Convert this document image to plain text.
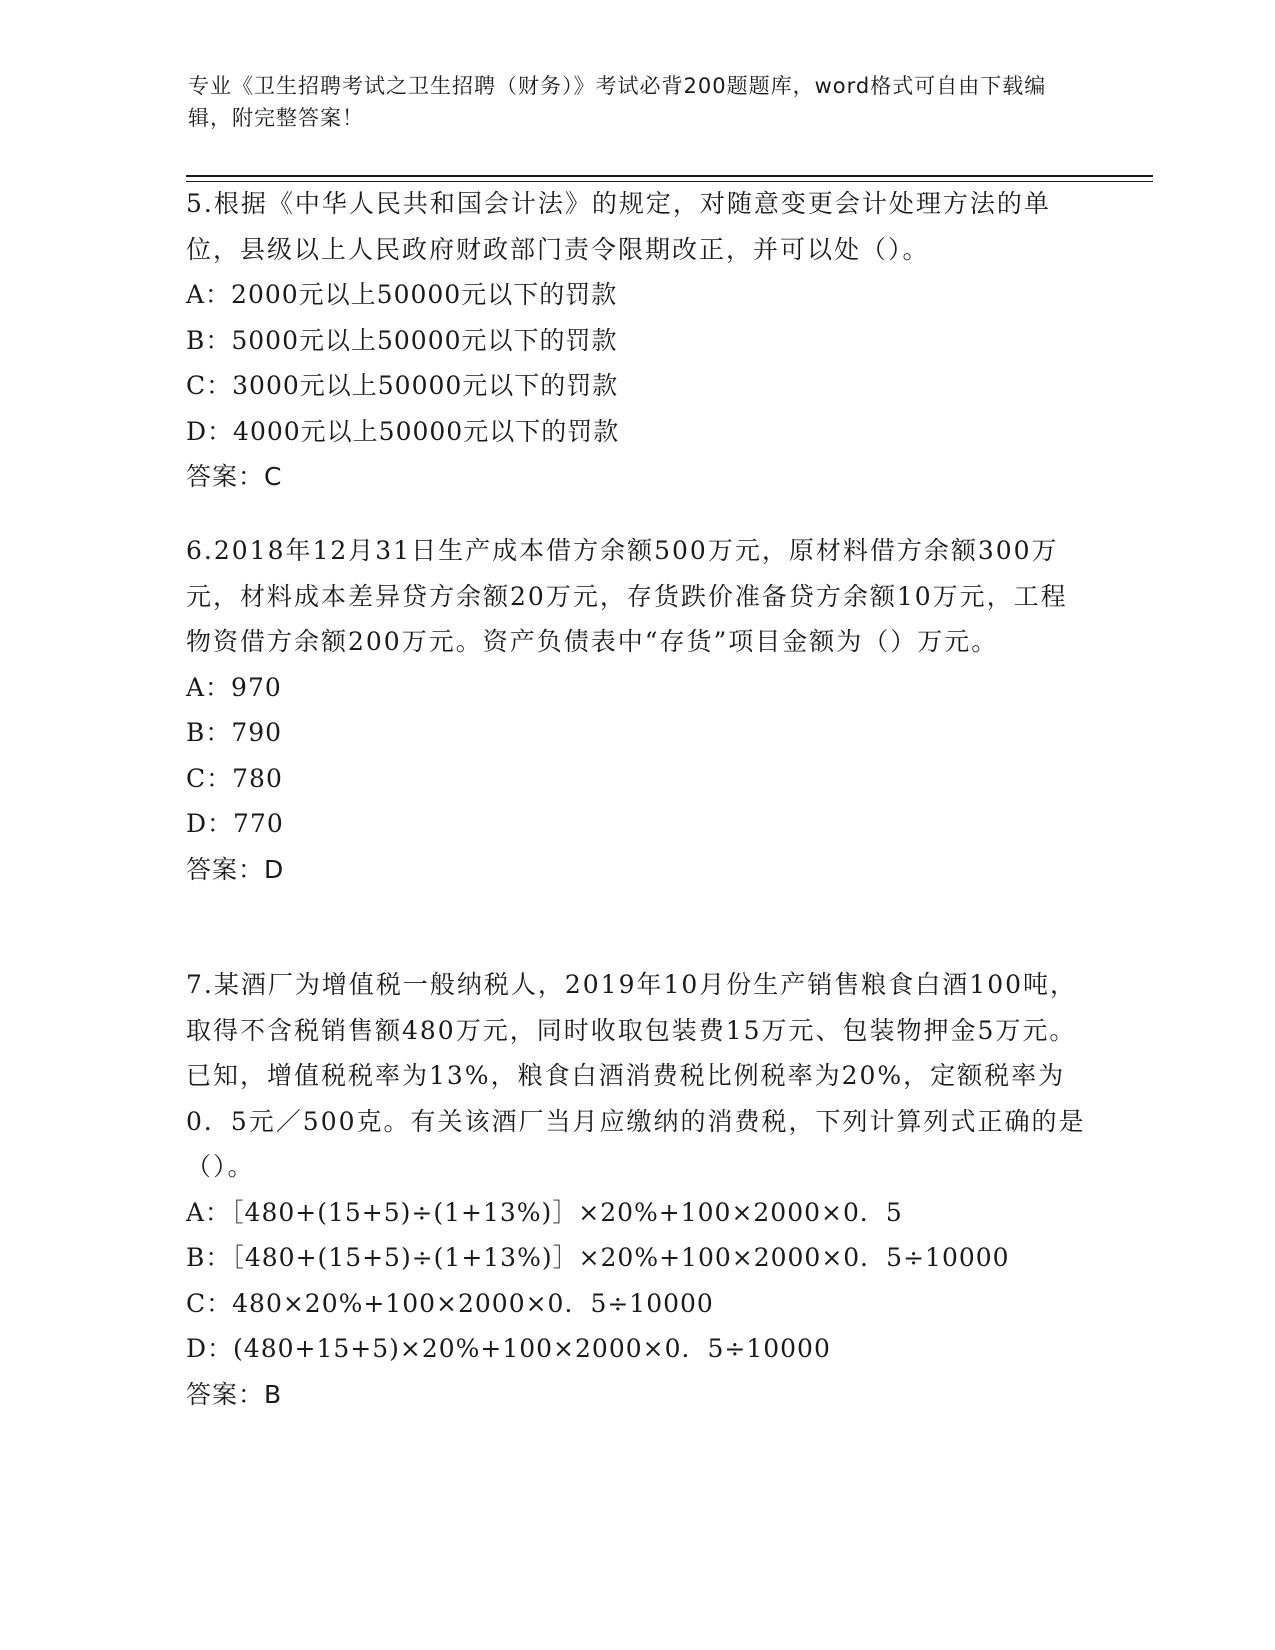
专业《卫生招聘考试之卫生招聘（财务）》考试必背200题题库，word格式可自由下载编辑，附完整答案！

5.根据《中华人民共和国会计法》的规定，对随意变更会计处理方法的单位，县级以上人民政府财政部门责令限期改正，并可以处（）。

A：2000元以上50000元以下的罚款

B：5000元以上50000元以下的罚款

C：3000元以上50000元以下的罚款

D：4000元以上50000元以下的罚款

答案：C

6.2018年12月31日生产成本借方余额500万元，原材料借方余额300万元，材料成本差异贷方余额20万元，存货跌价准备贷方余额10万元，工程物资借方余额200万元。资产负债表中“存货”项目金额为（）万元。

A：970

B：790

C：780

D：770

答案：D

7.某酒厂为增值税一般纳税人，2019年10月份生产销售粮食白酒100吨，取得不含税销售额480万元，同时收取包装费15万元、包装物押金5万元。已知，增值税税率为13%，粮食白酒消费税比例税率为20%，定额税率为0．5元／500克。有关该酒厂当月应缴纳的消费税，下列计算列式正确的是（）。

A：［480+(15+5)÷(1+13%)］×20%+100×2000×0．5

B：［480+(15+5)÷(1+13%)］×20%+100×2000×0．5÷10000

C：480×20%+100×2000×0．5÷10000

D：(480+15+5)×20%+100×2000×0．5÷10000

答案：B
